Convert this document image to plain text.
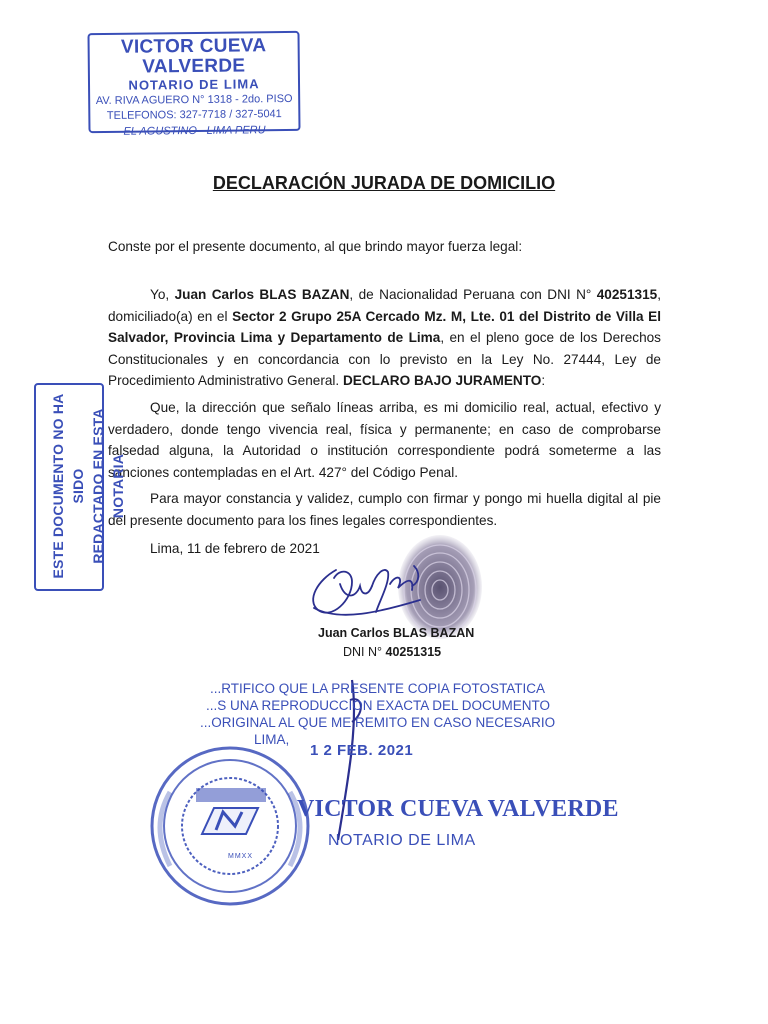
VICTOR CUEVA VALVERDE
NOTARIO DE LIMA
AV. RIVA AGUERO N° 1318 - 2do. PISO
TELEFONOS: 327-7718 / 327-5041
EL AGUSTINO - LIMA PERU
DECLARACIÓN JURADA DE DOMICILIO
Conste por el presente documento, al que brindo mayor fuerza legal:
Yo, Juan Carlos BLAS BAZAN, de Nacionalidad Peruana con DNI N° 40251315, domiciliado(a) en el Sector 2 Grupo 25A Cercado Mz. M, Lte. 01 del Distrito de Villa El Salvador, Provincia Lima y Departamento de Lima, en el pleno goce de los Derechos Constitucionales y en concordancia con lo previsto en la Ley No. 27444, Ley de Procedimiento Administrativo General. DECLARO BAJO JURAMENTO:
Que, la dirección que señalo líneas arriba, es mi domicilio real, actual, efectivo y verdadero, donde tengo vivencia real, física y permanente; en caso de comprobarse falsedad alguna, la Autoridad o institución correspondiente podrá someterme a las sanciones contempladas en el Art. 427° del Código Penal.
Para mayor constancia y validez, cumplo con firmar y pongo mi huella digital al pie del presente documento para los fines legales correspondientes.
Lima, 11 de febrero de 2021
ESTE DOCUMENTO NO HA SIDO REDACTADO EN ESTA NOTARIA
Juan Carlos BLAS BAZAN
DNI N° 40251315
...RTIFICO QUE LA PRESENTE COPIA FOTOSTATICA
...S UNA REPRODUCCION EXACTA DEL DOCUMENTO
...ORIGINAL AL QUE ME REMITO EN CASO NECESARIO
LIMA,
1 2 FEB. 2021
VICTOR CUEVA VALVERDE
NOTARIO DE LIMA
MMXX
